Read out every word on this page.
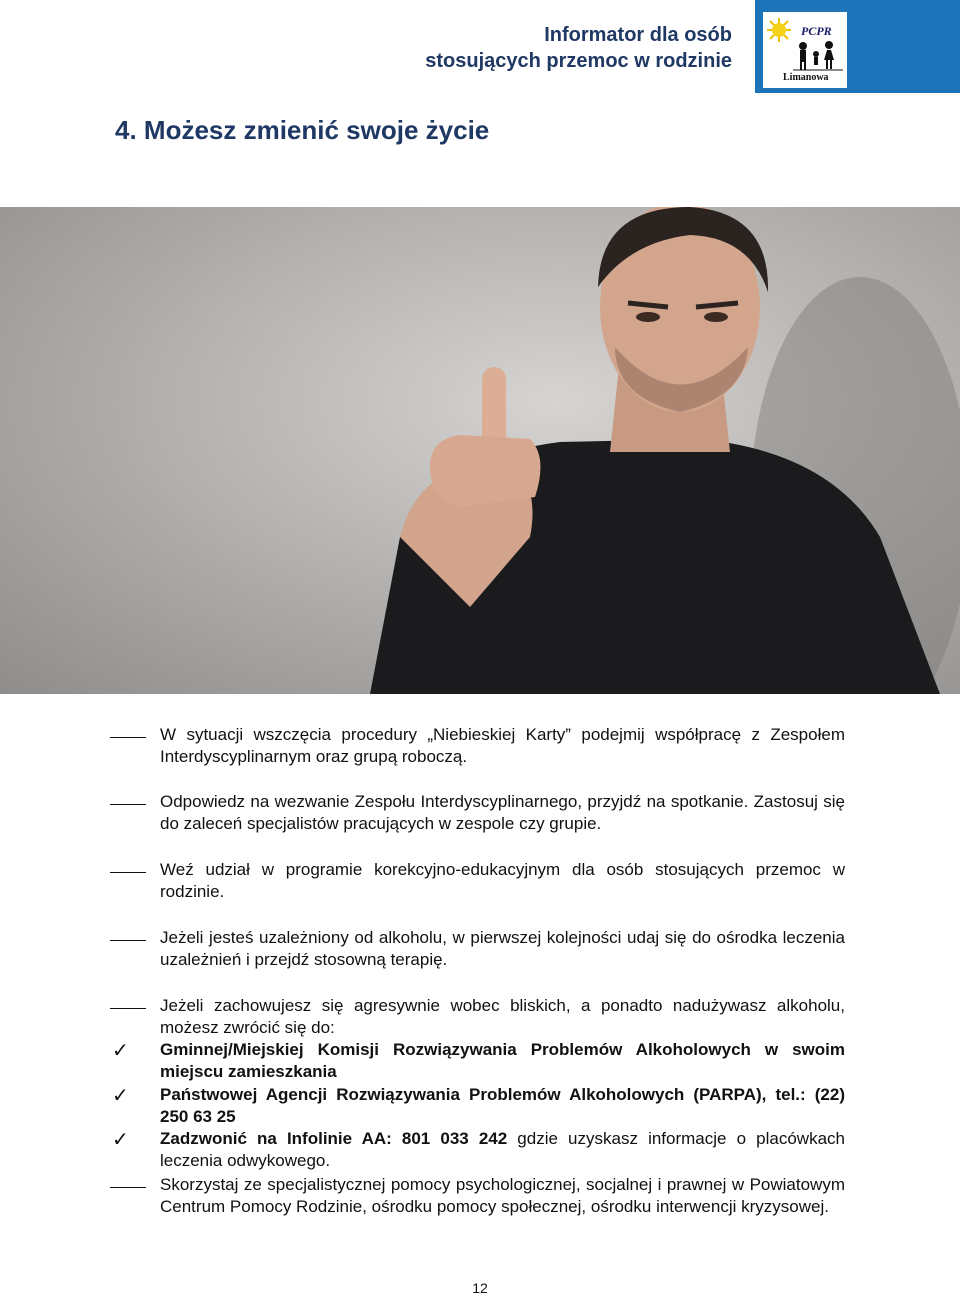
Informator dla osób
stosujących przemoc w rodzinie
PCPR
Limanowa
4. Możesz zmienić swoje życie

W sytuacji wszczęcia procedury „Niebieskiej Karty” podejmij współpracę z Zespołem Interdyscyplinarnym oraz grupą roboczą.

Odpowiedz na wezwanie Zespołu Interdyscyplinarnego, przyjdź na spotkanie. Zastosuj się do zaleceń specjalistów pracujących w zespole czy grupie.

Weź udział w programie korekcyjno-edukacyjnym dla osób stosujących przemoc w rodzinie.

Jeżeli jesteś uzależniony od alkoholu, w pierwszej kolejności udaj się do ośrodka leczenia uzależnień i przejdź stosowną terapię.

Jeżeli zachowujesz się agresywnie wobec bliskich, a ponadto nadużywasz alkoholu, możesz zwrócić się do:

✓ Gminnej/Miejskiej Komisji Rozwiązywania Problemów Alkoholowych w swoim miejscu zamieszkania

✓ Państwowej Agencji Rozwiązywania Problemów Alkoholowych (PARPA), tel.: (22) 250 63 25

✓ Zadzwonić na Infolinie AA: 801 033 242 gdzie uzyskasz informacje o placówkach leczenia odwykowego.

Skorzystaj ze specjalistycznej pomocy psychologicznej, socjalnej i prawnej w Powiatowym Centrum Pomocy Rodzinie, ośrodku pomocy społecznej, ośrodku interwencji kryzysowej.

12
